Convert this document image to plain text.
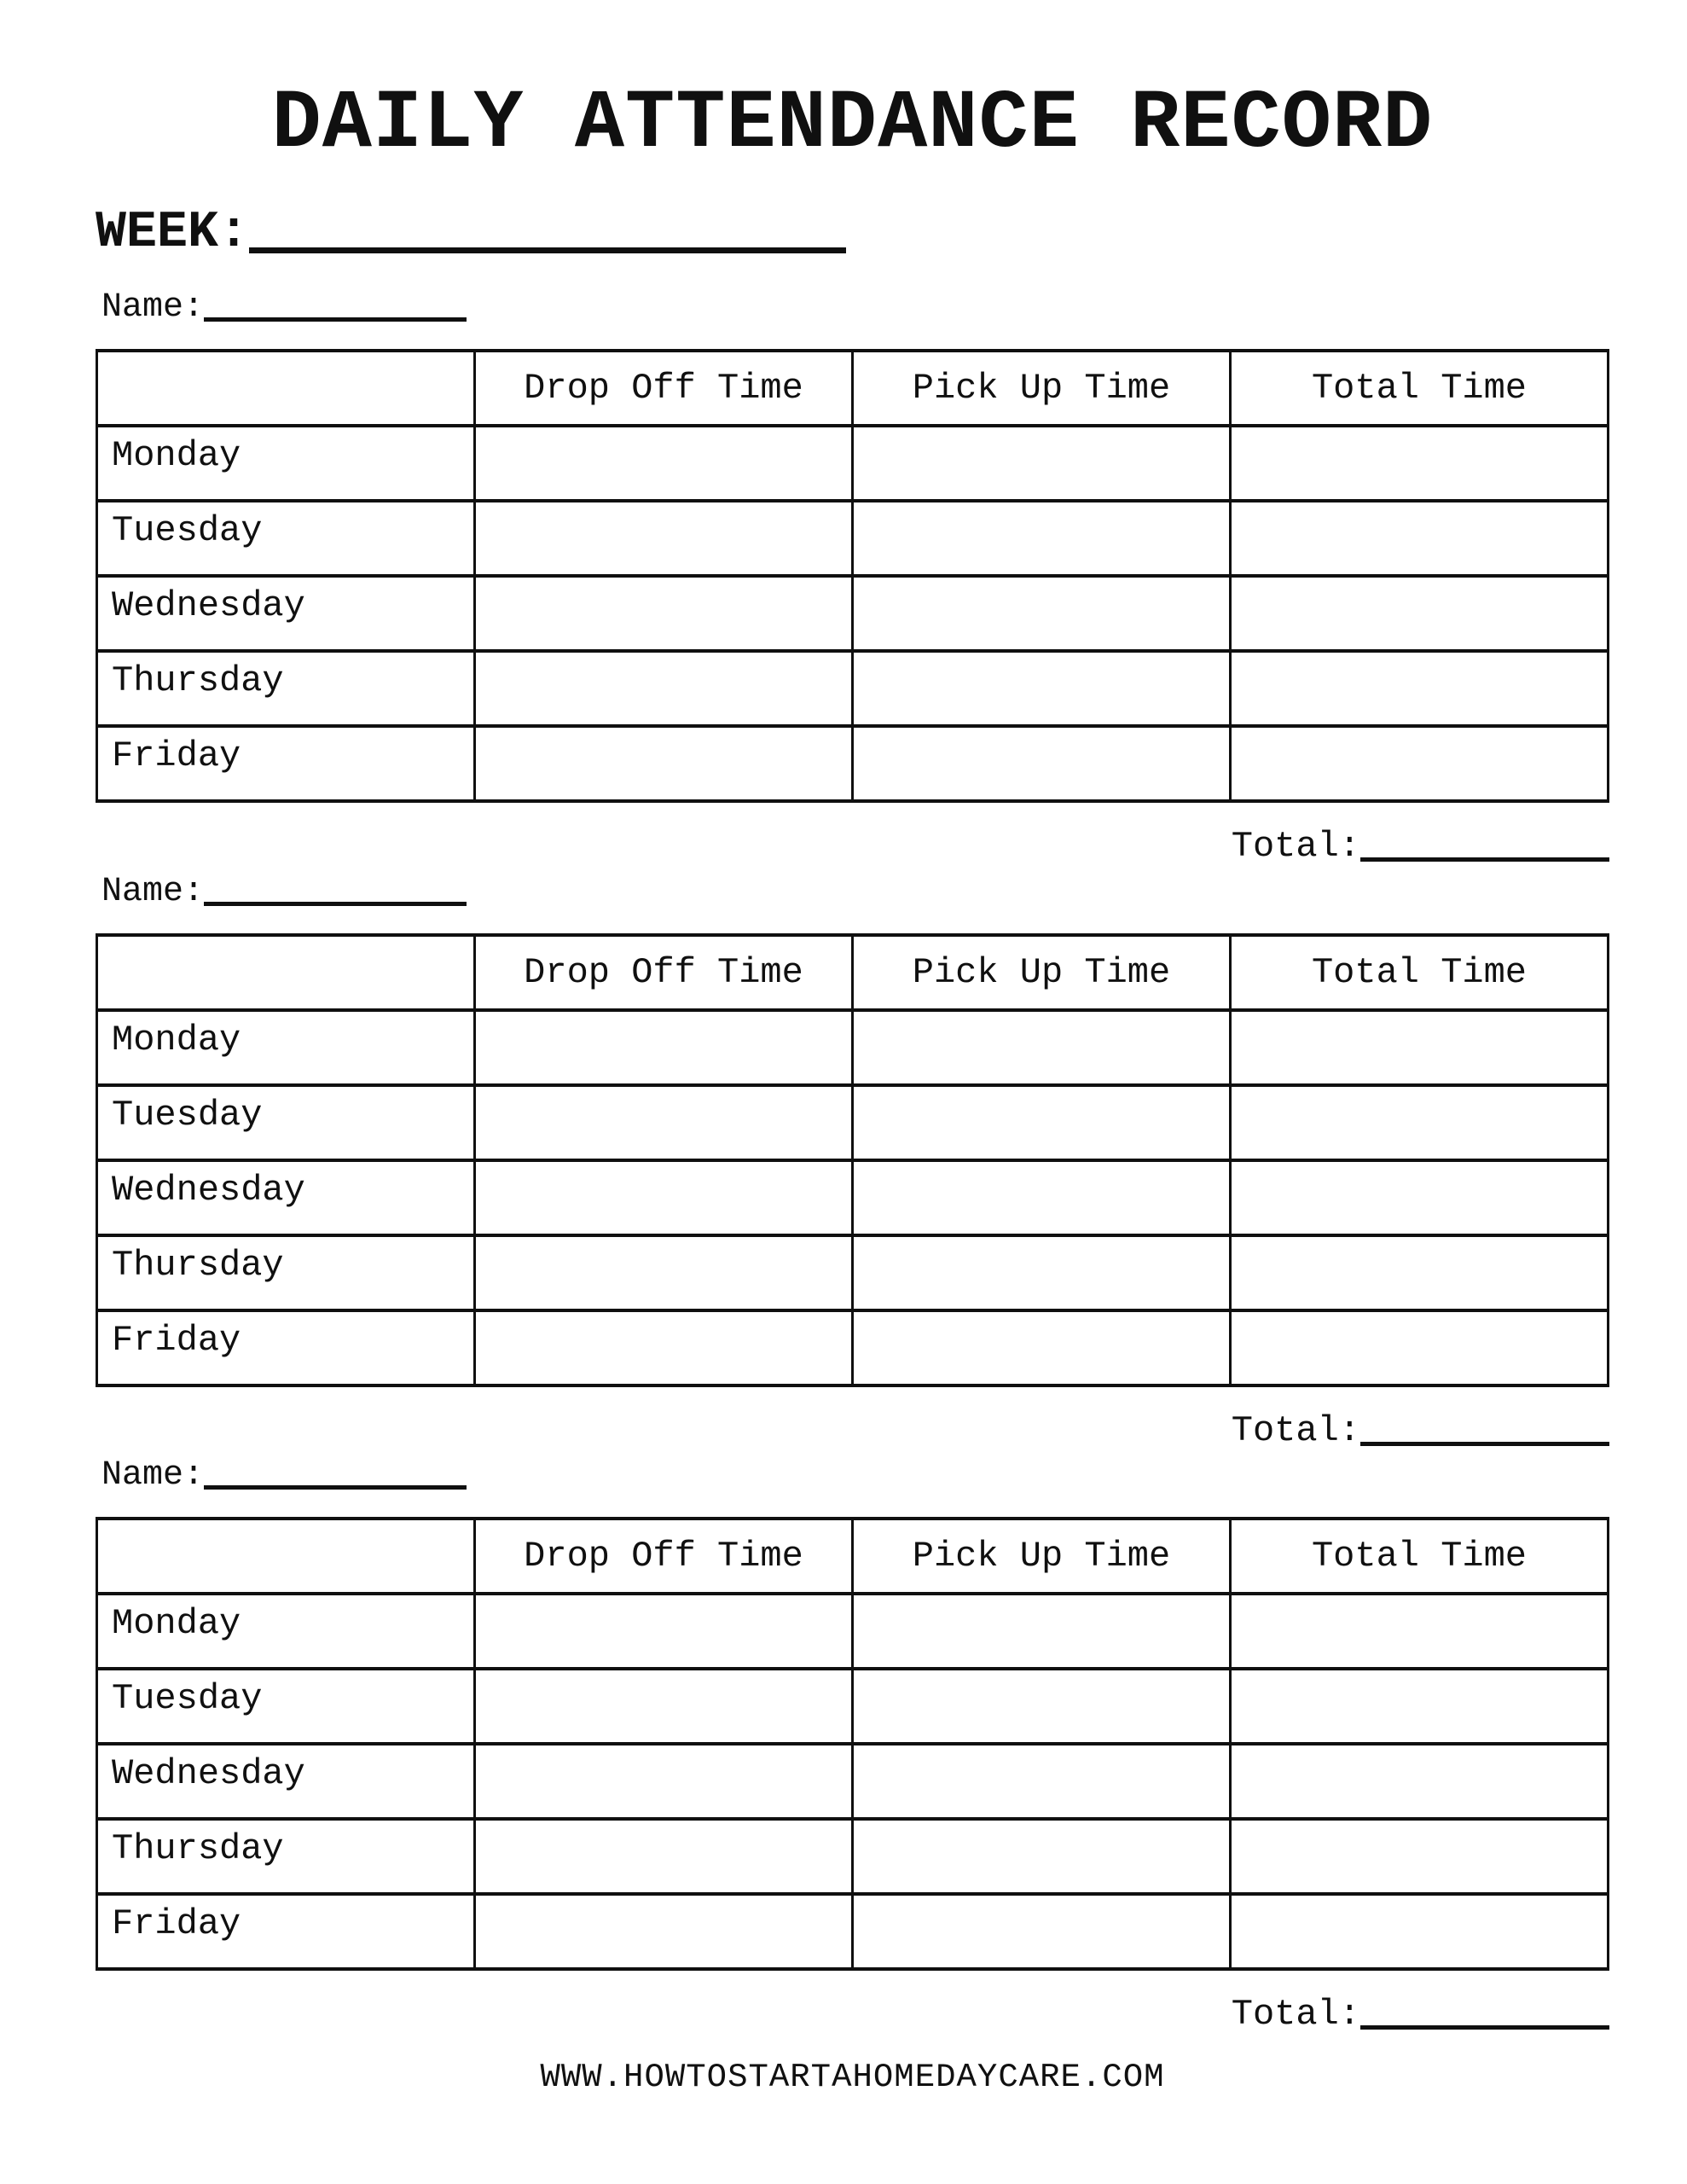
DAILY ATTENDANCE RECORD
WEEK:
Name:
	Drop Off Time	Pick Up Time	Total Time
Monday			
Tuesday			
Wednesday			
Thursday			
Friday			
Total:
Name:
	Drop Off Time	Pick Up Time	Total Time
Monday			
Tuesday			
Wednesday			
Thursday			
Friday			
Total:
Name:
	Drop Off Time	Pick Up Time	Total Time
Monday			
Tuesday			
Wednesday			
Thursday			
Friday			
Total:
WWW.HOWTOSTARTAHOMEDAYCARE.COM
